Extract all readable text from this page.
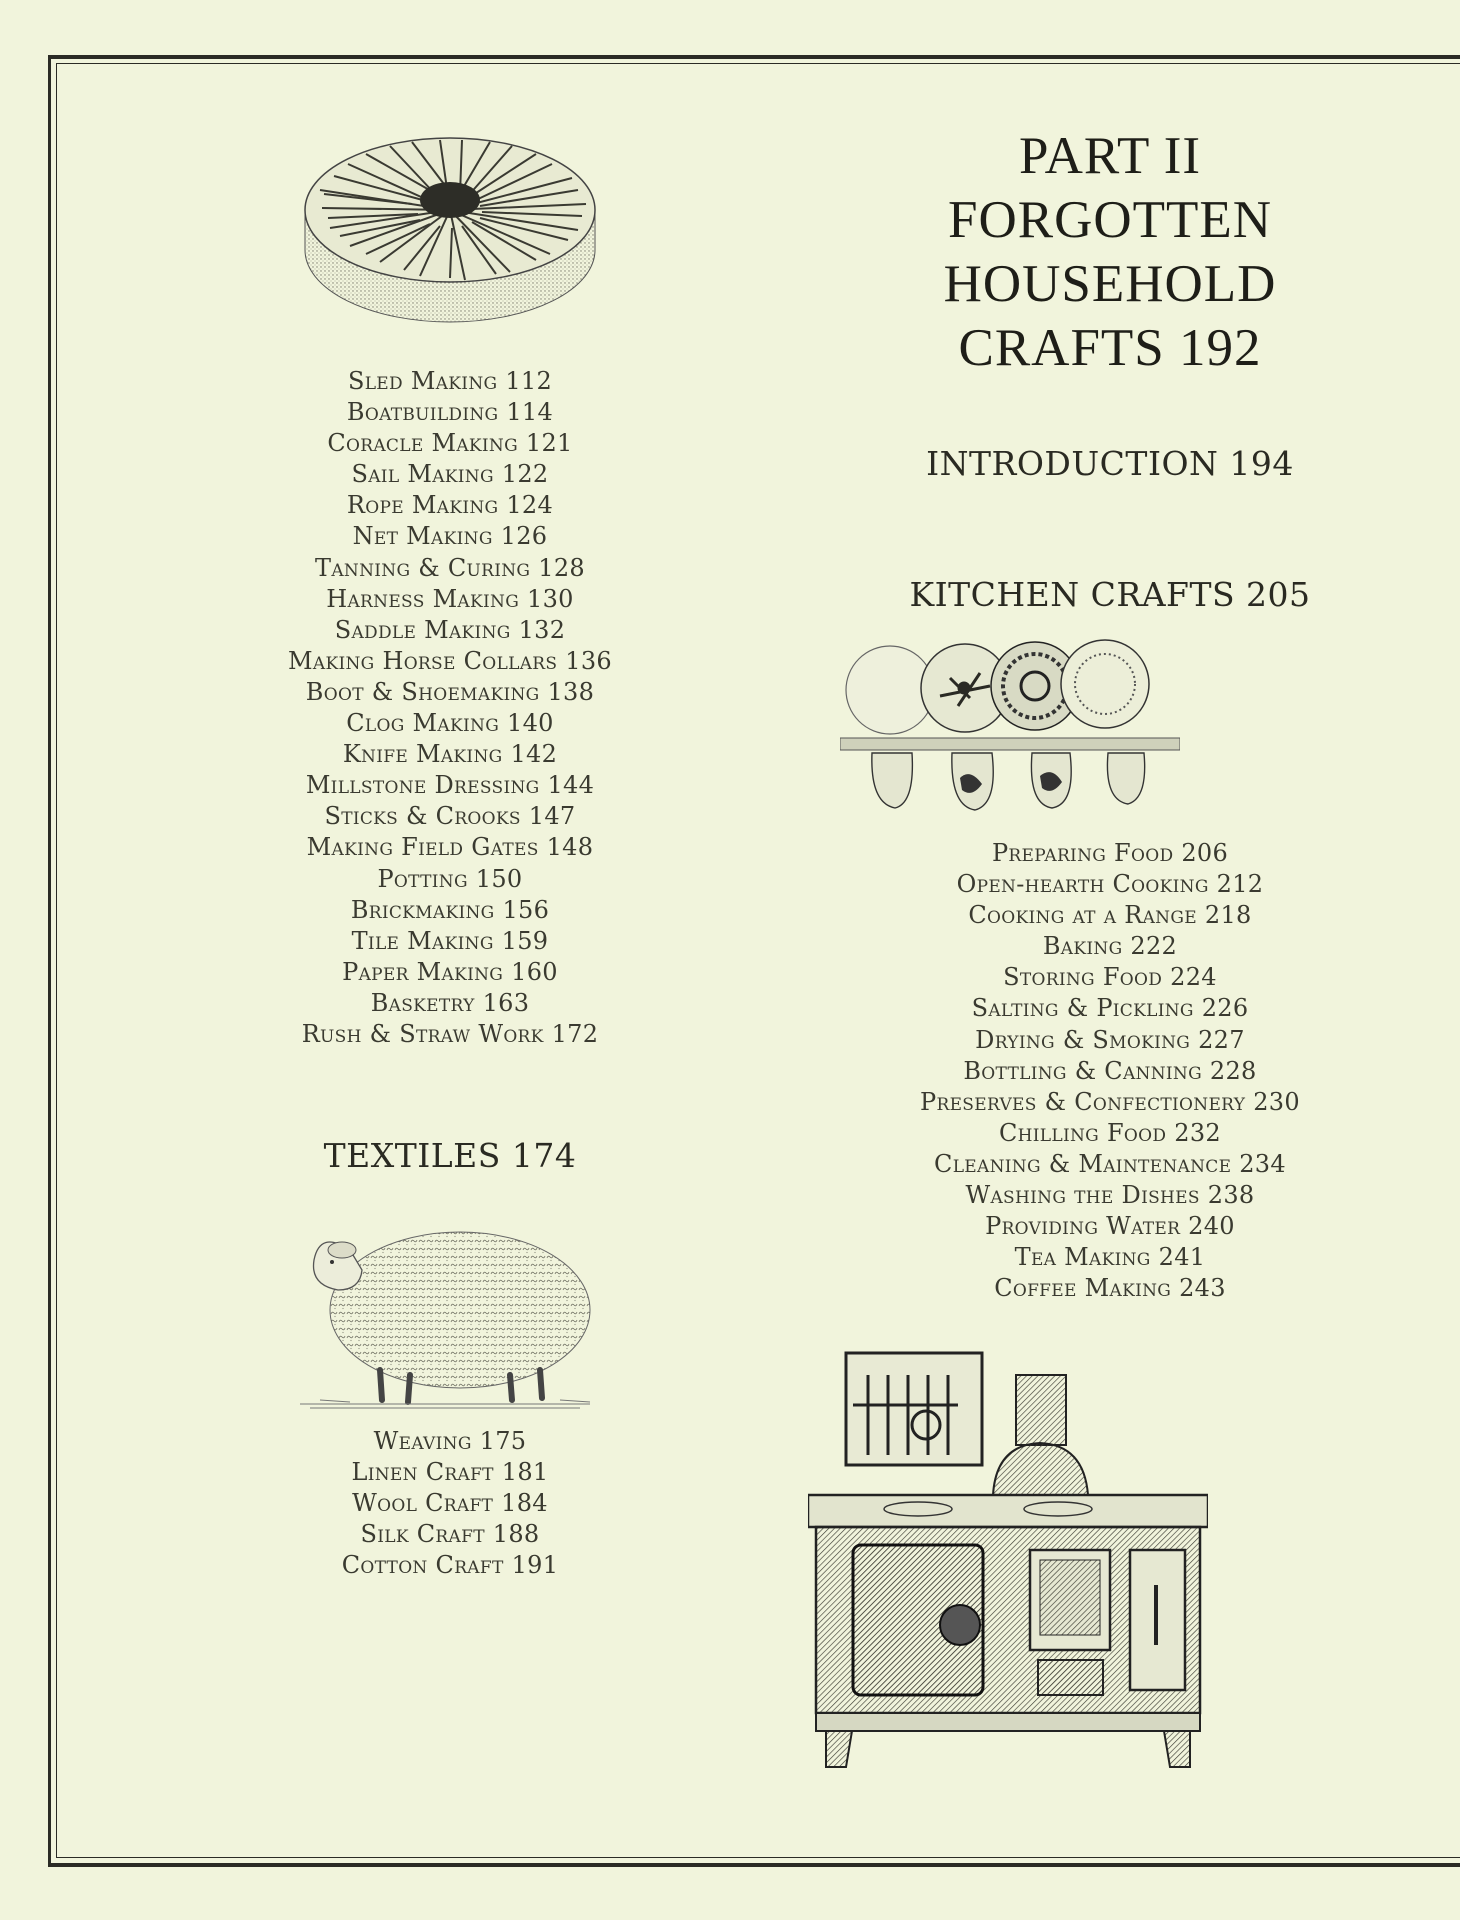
Sled Making 112
Boatbuilding 114
Coracle Making 121
Sail Making 122
Rope Making 124
Net Making 126
Tanning & Curing 128
Harness Making 130
Saddle Making 132
Making Horse Collars 136
Boot & Shoemaking 138
Clog Making 140
Knife Making 142
Millstone Dressing 144
Sticks & Crooks 147
Making Field Gates 148
Potting 150
Brickmaking 156
Tile Making 159
Paper Making 160
Basketry 163
Rush & Straw Work 172
TEXTILES 174
Weaving 175
Linen Craft 181
Wool Craft 184
Silk Craft 188
Cotton Craft 191
PART II
FORGOTTEN
HOUSEHOLD
CRAFTS 192
INTRODUCTION 194
KITCHEN CRAFTS 205
Preparing Food 206
Open-hearth Cooking 212
Cooking at a Range 218
Baking 222
Storing Food 224
Salting & Pickling 226
Drying & Smoking 227
Bottling & Canning 228
Preserves & Confectionery 230
Chilling Food 232
Cleaning & Maintenance 234
Washing the Dishes 238
Providing Water 240
Tea Making 241
Coffee Making 243
